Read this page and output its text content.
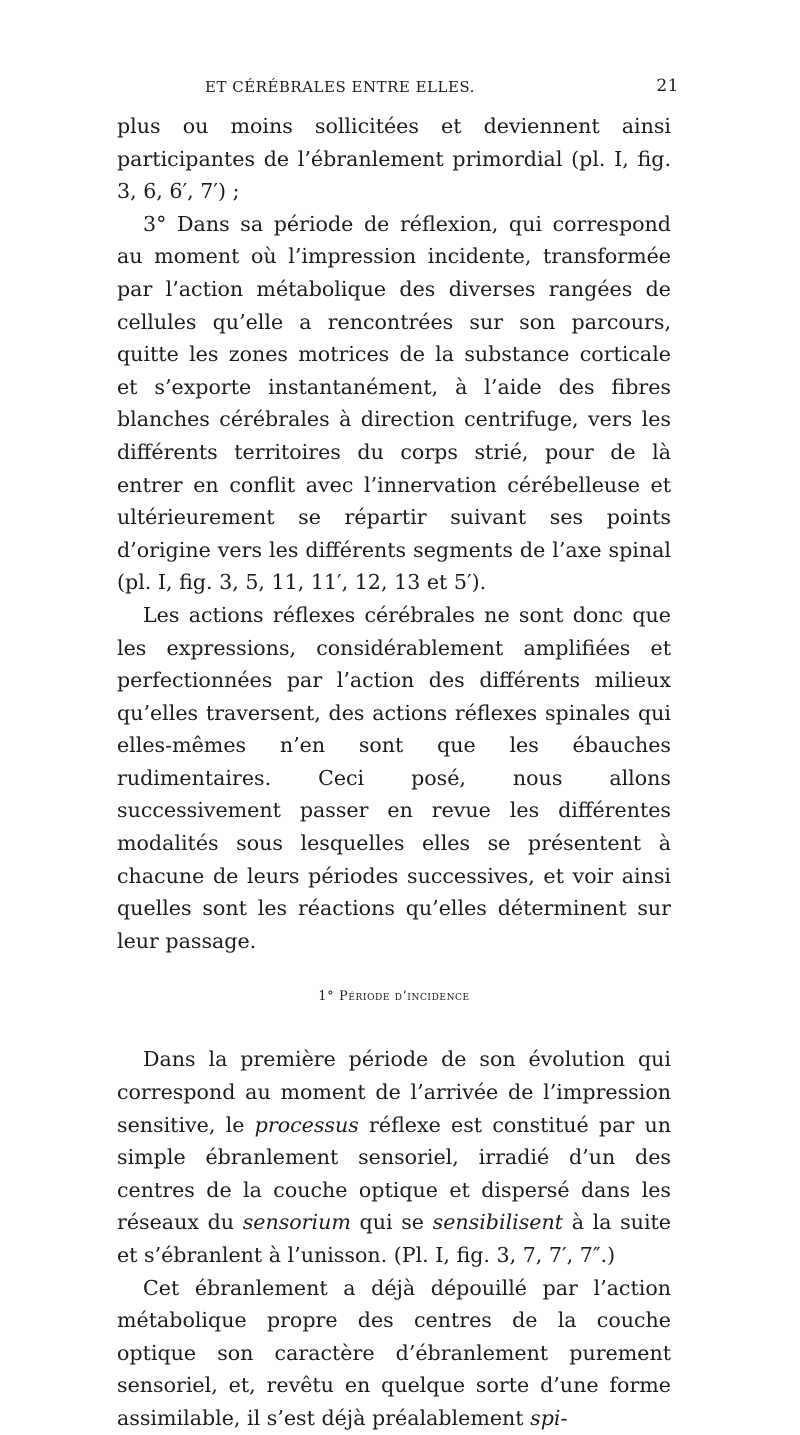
ET CÉRÉBRALES ENTRE ELLES.	21

plus ou moins sollicitées et deviennent ainsi participantes de l’ébranlement primordial (pl. I, fig. 3, 6, 6′, 7′) ;

3° Dans sa période de réflexion, qui correspond au moment où l’impression incidente, transformée par l’action métabolique des diverses rangées de cellules qu’elle a rencontrées sur son parcours, quitte les zones motrices de la substance corticale et s’exporte instantanément, à l’aide des fibres blanches cérébrales à direction centrifuge, vers les différents territoires du corps strié, pour de là entrer en conflit avec l’innervation cérébelleuse et ultérieurement se répartir suivant ses points d’origine vers les différents segments de l’axe spinal (pl. I, fig. 3, 5, 11, 11′, 12, 13 et 5′).

Les actions réflexes cérébrales ne sont donc que les expressions, considérablement amplifiées et perfectionnées par l’action des différents milieux qu’elles traversent, des actions réflexes spinales qui elles-mêmes n’en sont que les ébauches rudimentaires. Ceci posé, nous allons successivement passer en revue les différentes modalités sous lesquelles elles se présentent à chacune de leurs périodes successives, et voir ainsi quelles sont les réactions qu’elles déterminent sur leur passage.

1° Période d’incidence

Dans la première période de son évolution qui correspond au moment de l’arrivée de l’impression sensitive, le processus réflexe est constitué par un simple ébranlement sensoriel, irradié d’un des centres de la couche optique et dispersé dans les réseaux du sensorium qui se sensibilisent à la suite et s’ébranlent à l’unisson. (Pl. I, fig. 3, 7, 7′, 7″.)

Cet ébranlement a déjà dépouillé par l’action métabolique propre des centres de la couche optique son caractère d’ébranlement purement sensoriel, et, revêtu en quelque sorte d’une forme assimilable, il s’est déjà préalablement spi-
